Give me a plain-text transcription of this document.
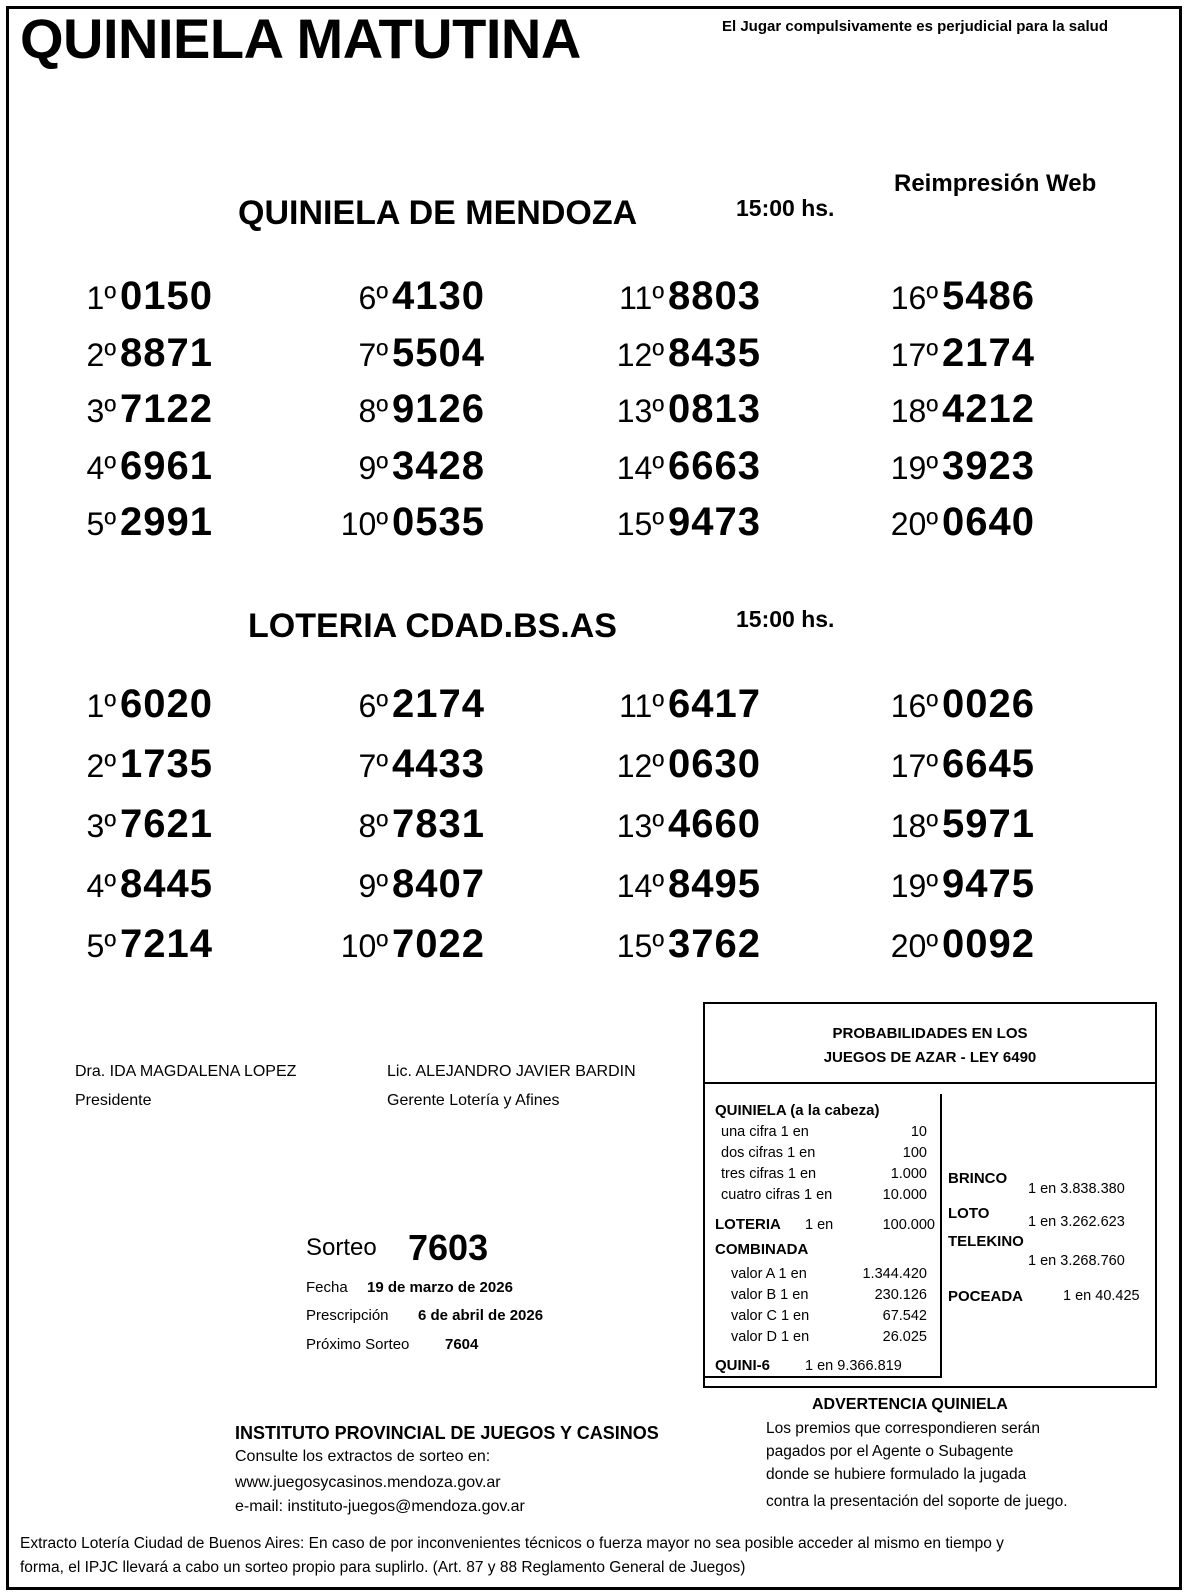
QUINIELA MATUTINA	El Jugar compulsivamente es perjudicial para la salud
Reimpresión Web
QUINIELA DE MENDOZA	15:00 hs.
1º 0150
2º 8871
3º 7122
4º 6961
5º 2991
6º 4130
7º 5504
8º 9126
9º 3428
10º 0535
11º 8803
12º 8435
13º 0813
14º 6663
15º 9473
16º 5486
17º 2174
18º 4212
19º 3923
20º 0640
LOTERIA CDAD.BS.AS	15:00 hs.
1º 6020
2º 1735
3º 7621
4º 8445
5º 7214
6º 2174
7º 4433
8º 7831
9º 8407
10º 7022
11º 6417
12º 0630
13º 4660
14º 8495
15º 3762
16º 0026
17º 6645
18º 5971
19º 9475
20º 0092
Dra. IDA MAGDALENA LOPEZ
Presidente
Lic. ALEJANDRO JAVIER BARDIN
Gerente Lotería y Afines
Sorteo 7603
Fecha 19 de marzo de 2026
Prescripción 6 de abril de 2026
Próximo Sorteo 7604
PROBABILIDADES EN LOS
JUEGOS DE AZAR - LEY 6490
QUINIELA (a la cabeza)
una cifra 1 en	10
dos cifras 1 en	100
tres cifras 1 en	1.000
cuatro cifras 1 en	10.000
LOTERIA 1 en	100.000
COMBINADA
valor A 1 en	1.344.420
valor B 1 en	230.126
valor C 1 en	67.542
valor D 1 en	26.025
QUINI-6 1 en 9.366.819
BRINCO
1 en 3.838.380
LOTO	1 en 3.262.623
TELEKINO
1 en 3.268.760
POCEADA	1 en 40.425
ADVERTENCIA QUINIELA
Los premios que correspondieren serán
pagados por el Agente o Subagente
donde se hubiere formulado la jugada
contra la presentación del soporte de juego.
INSTITUTO PROVINCIAL DE JUEGOS Y CASINOS
Consulte los extractos de sorteo en:
www.juegosycasinos.mendoza.gov.ar
e-mail: instituto-juegos@mendoza.gov.ar
Extracto Lotería Ciudad de Buenos Aires: En caso de por inconvenientes técnicos o fuerza mayor no sea posible acceder al mismo en tiempo y
forma, el IPJC llevará a cabo un sorteo propio para suplirlo. (Art. 87 y 88 Reglamento General de Juegos)
